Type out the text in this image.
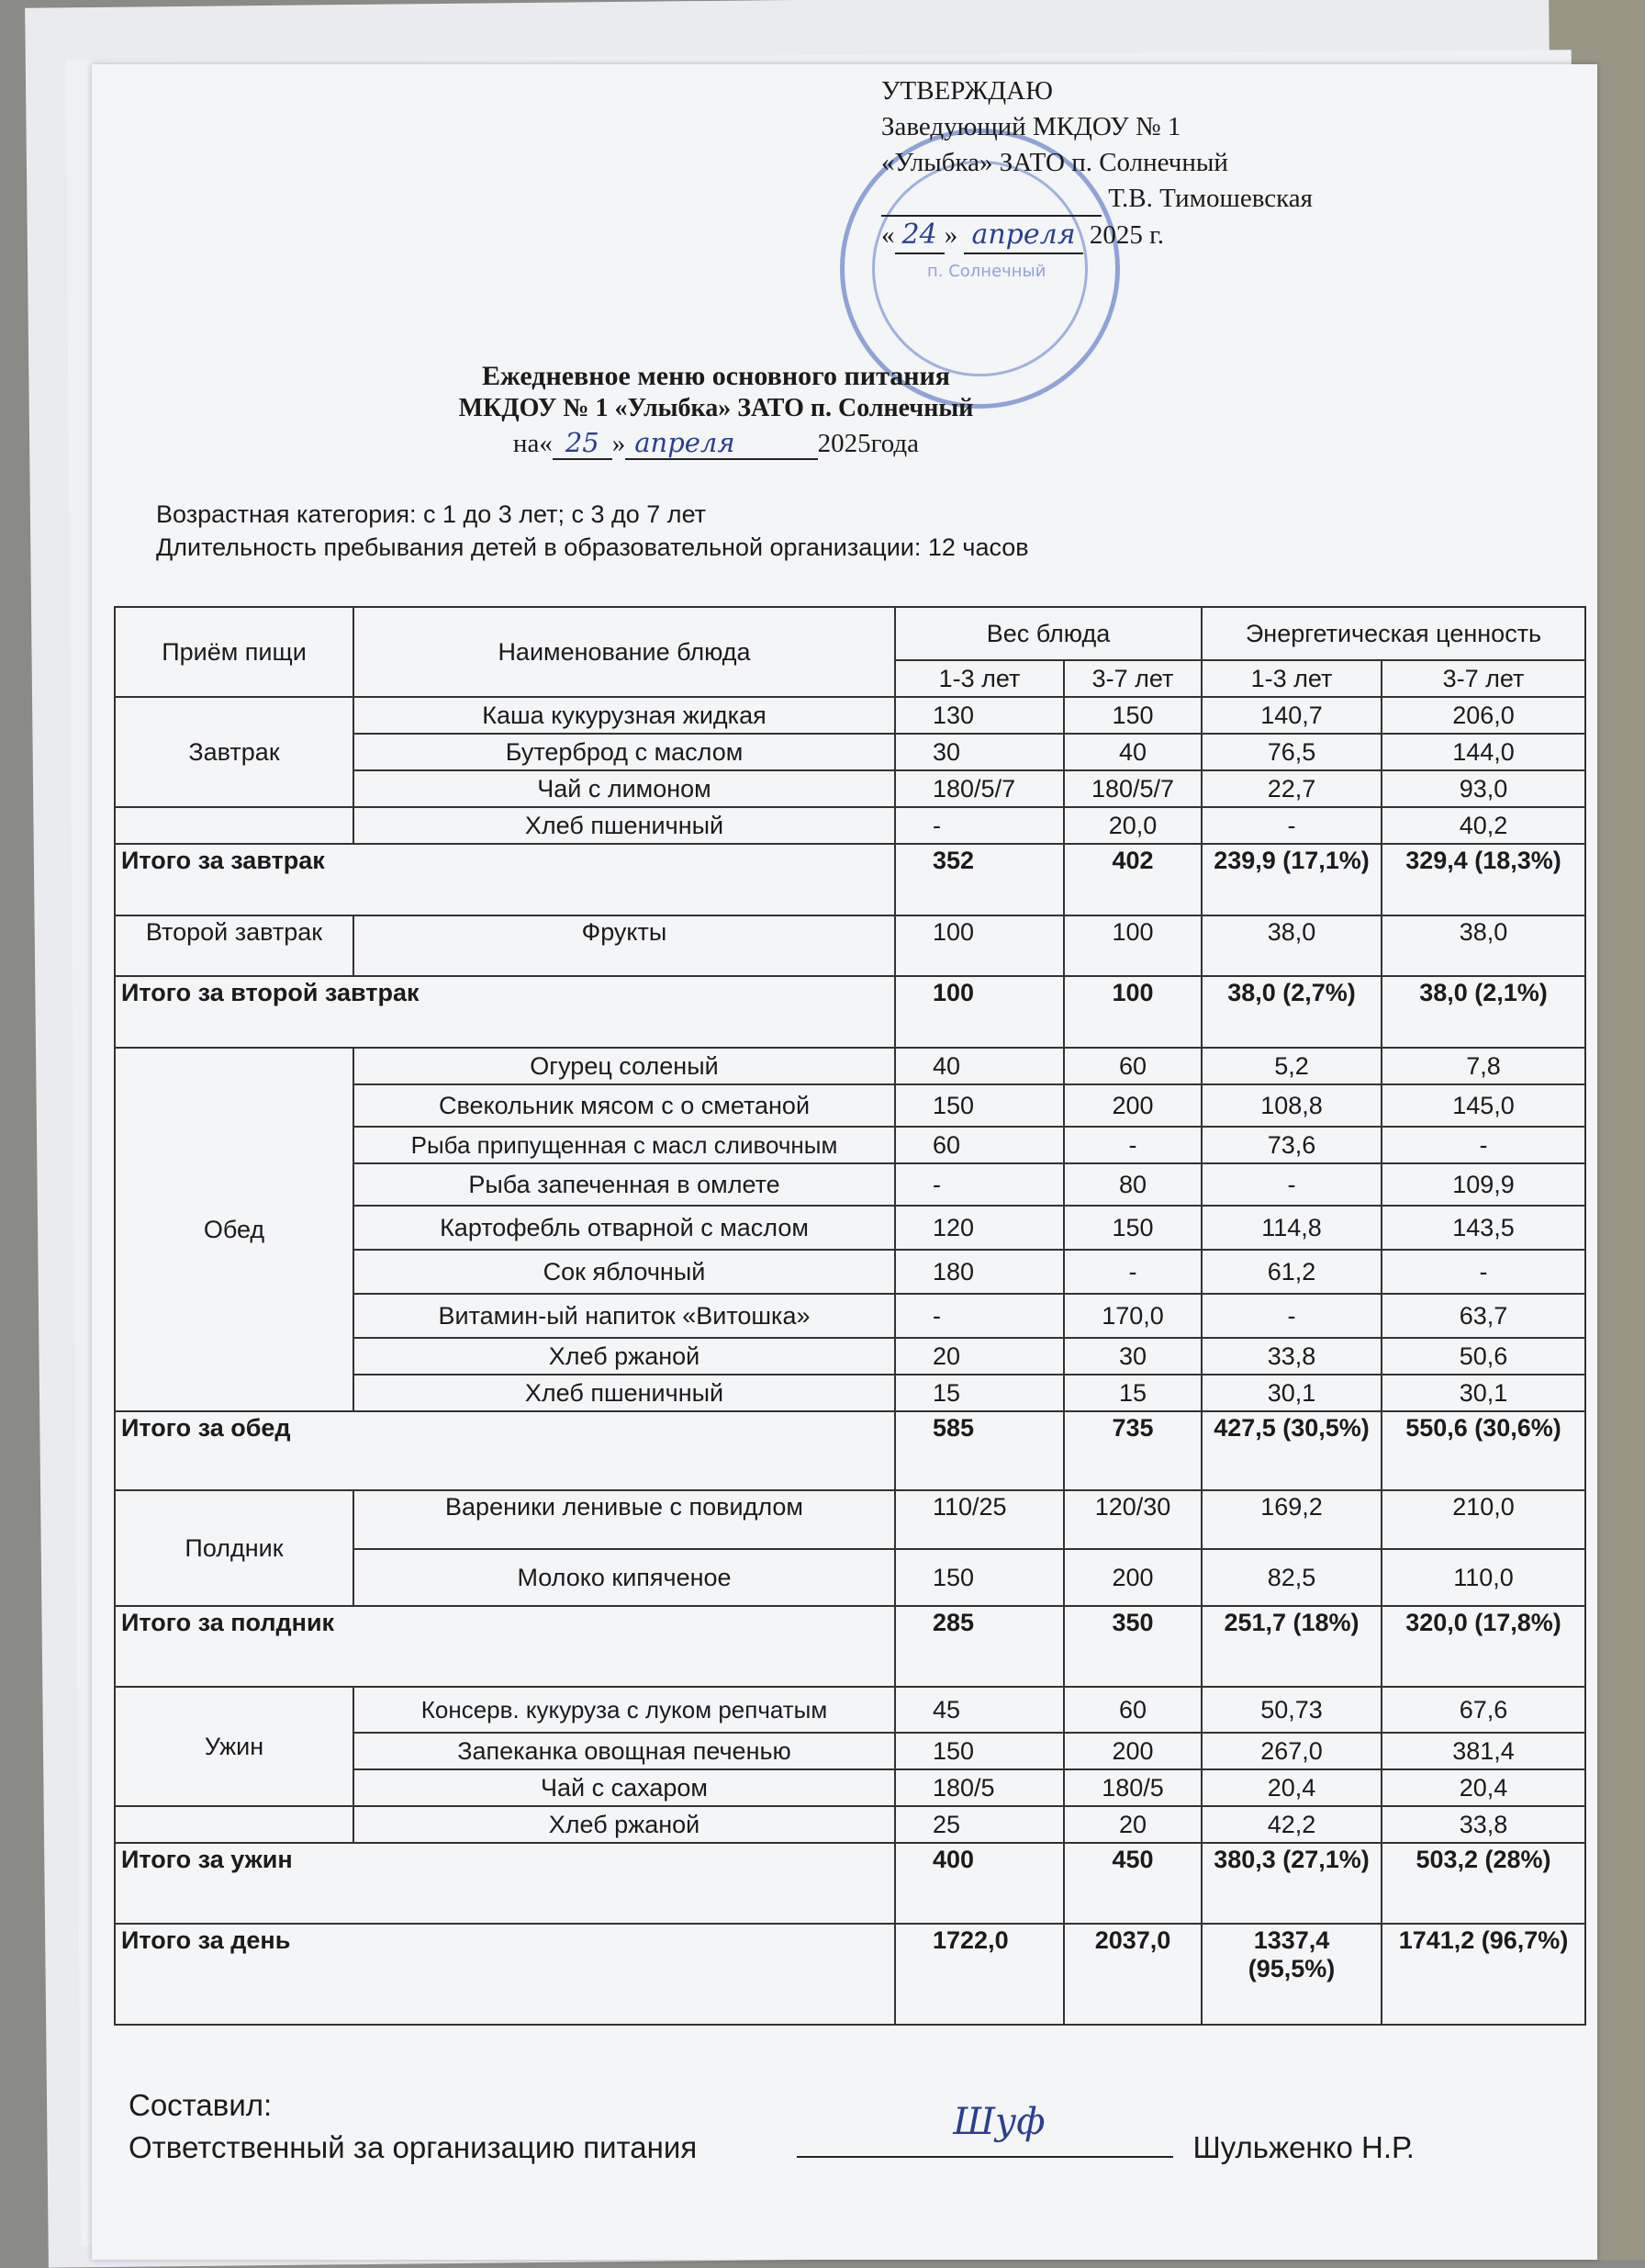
п. Солнечный
УТВЕРЖДАЮ
Заведующий МКДОУ № 1
«Улыбка» ЗАТО п. Солнечный
Т.В. Тимошевская
« 24 » апреля 2025 г.
Ежедневное меню основного питания
МКДОУ № 1 «Улыбка» ЗАТО п. Солнечный
на« 25 » апреля	2025года
Возрастная категория: с 1 до 3 лет; с 3 до 7 лет
Длительность пребывания детей в образовательной организации: 12 часов
Приём пищи	Наименование блюда	Вес блюда		Энергетическая ценность	
		1-3 лет	3-7 лет	1-3 лет	3-7 лет
Завтрак	Каша кукурузная жидкая	130	150	140,7	206,0
	Бутерброд с маслом	30	40	76,5	144,0
	Чай с лимоном	180/5/7	180/5/7	22,7	93,0
	Хлеб пшеничный	-	20,0	-	40,2
Итого за завтрак		352	402	239,9 (17,1%)	329,4 (18,3%)
Второй завтрак	Фрукты	100	100	38,0	38,0
Итого за второй завтрак		100	100	38,0 (2,7%)	38,0 (2,1%)
Обед	Огурец соленый	40	60	5,2	7,8
	Свекольник мясом с о сметаной	150	200	108,8	145,0
	Рыба припущенная с масл сливочным	60	-	73,6	-
	Рыба запеченная в омлете	-	80	-	109,9
	Картофебль отварной с маслом	120	150	114,8	143,5
	Сок яблочный	180	-	61,2	-
	Витамин-ый напиток «Витошка»	-	170,0	-	63,7
	Хлеб ржаной	20	30	33,8	50,6
	Хлеб пшеничный	15	15	30,1	30,1
Итого за обед		585	735	427,5 (30,5%)	550,6 (30,6%)
Полдник	Вареники ленивые с повидлом	110/25	120/30	169,2	210,0
	Молоко кипяченое	150	200	82,5	110,0
Итого за полдник		285	350	251,7 (18%)	320,0 (17,8%)
Ужин	Консерв. кукуруза с луком репчатым	45	60	50,73	67,6
	Запеканка овощная печенью	150	200	267,0	381,4
	Чай с сахаром	180/5	180/5	20,4	20,4
	Хлеб ржаной	25	20	42,2	33,8
Итого за ужин		400	450	380,3 (27,1%)	503,2 (28%)
Итого за день		1722,0	2037,0	1337,4 (95,5%)	1741,2 (96,7%)
Составил:
Ответственный за организацию питания
Шуф
Шульженко Н.Р.
